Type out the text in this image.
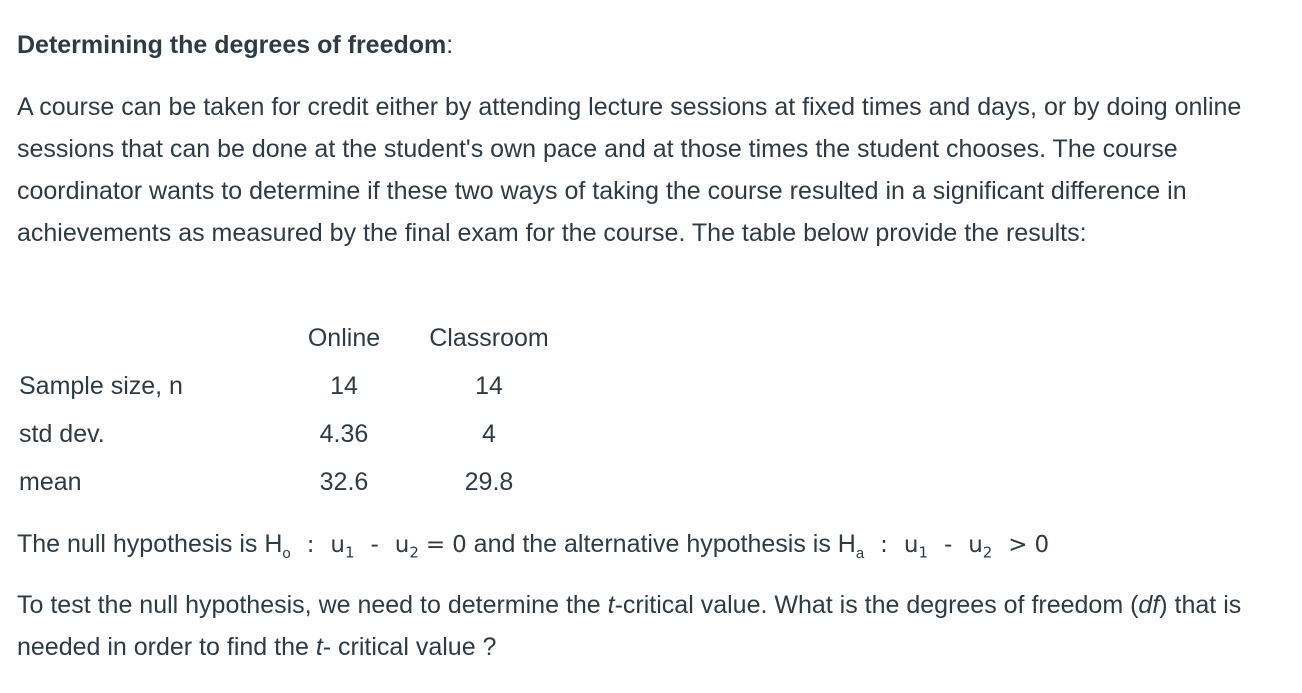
Determining the degrees of freedom:

A course can be taken for credit either by attending lecture sessions at fixed times and days, or by doing online sessions that can be done at the student's own pace and at those times the student chooses. The course coordinator wants to determine if these two ways of taking the course resulted in a significant difference in achievements as measured by the final exam for the course. The table below provide the results:

	Online	Classroom
Sample size, n	14	14
std dev.	4.36	4
mean	32.6	29.8
The null hypothesis is $H_o$ : $u_1 - u_2 = 0$ and the alternative hypothesis is $H_a$ : $u_1 - u_2 > 0$

To test the null hypothesis, we need to determine the t-critical value. What is the degrees of freedom (df) that is needed in order to find the t- critical value ?
